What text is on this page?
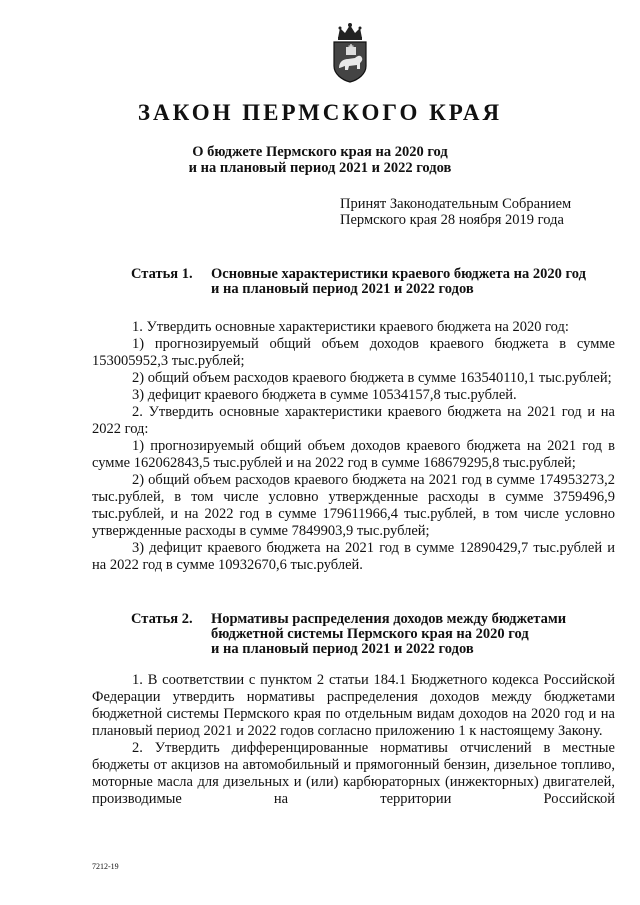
ЗАКОН ПЕРМСКОГО КРАЯ
О бюджете Пермского края на 2020 год
и на плановый период 2021 и 2022 годов
Принят Законодательным Собранием
Пермского края 28 ноября 2019 года
Статья 1. Основные характеристики краевого бюджета на 2020 год
и на плановый период 2021 и 2022 годов

1. Утвердить основные характеристики краевого бюджета на 2020 год:

1) прогнозируемый общий объем доходов краевого бюджета в сумме 153005952,3 тыс.рублей;

2) общий объем расходов краевого бюджета в сумме 163540110,1 тыс.рублей;

3) дефицит краевого бюджета в сумме 10534157,8 тыс.рублей.

2. Утвердить основные характеристики краевого бюджета на 2021 год и на 2022 год:

1) прогнозируемый общий объем доходов краевого бюджета на 2021 год в сумме 162062843,5 тыс.рублей и на 2022 год в сумме 168679295,8 тыс.рублей;

2) общий объем расходов краевого бюджета на 2021 год в сумме 174953273,2 тыс.рублей, в том числе условно утвержденные расходы в сумме 3759496,9 тыс.рублей, и на 2022 год в сумме 179611966,4 тыс.рублей, в том числе условно утвержденные расходы в сумме 7849903,9 тыс.рублей;

3) дефицит краевого бюджета на 2021 год в сумме 12890429,7 тыс.рублей и на 2022 год в сумме 10932670,6 тыс.рублей.

Статья 2. Нормативы распределения доходов между бюджетами
бюджетной системы Пермского края на 2020 год
и на плановый период 2021 и 2022 годов

1. В соответствии с пунктом 2 статьи 184.1 Бюджетного кодекса Российской Федерации утвердить нормативы распределения доходов между бюджетами бюджетной системы Пермского края по отдельным видам доходов на 2020 год и на плановый период 2021 и 2022 годов согласно приложению 1 к настоящему Закону.

2. Утвердить дифференцированные нормативы отчислений в местные бюджеты от акцизов на автомобильный и прямогонный бензин, дизельное топливо, моторные масла для дизельных и (или) карбюраторных (инжекторных) двигателей, производимые на территории Российской

7212-19
